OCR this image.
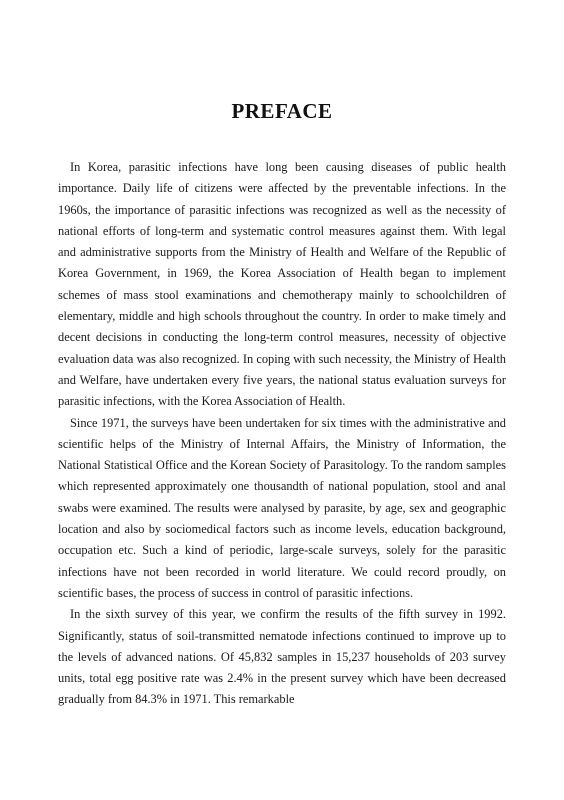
PREFACE

In Korea, parasitic infections have long been causing diseases of public health importance. Daily life of citizens were affected by the preventable infections. In the 1960s, the importance of parasitic infections was recognized as well as the necessity of national efforts of long-term and systematic control measures against them. With legal and administrative supports from the Ministry of Health and Welfare of the Republic of Korea Government, in 1969, the Korea Association of Health began to implement schemes of mass stool examinations and chemotherapy mainly to schoolchildren of elementary, middle and high schools throughout the country. In order to make timely and decent decisions in conducting the long-term control measures, necessity of objective evaluation data was also recognized. In coping with such necessity, the Ministry of Health and Welfare, have undertaken every five years, the national status evaluation surveys for parasitic infections, with the Korea Association of Health.

Since 1971, the surveys have been undertaken for six times with the administrative and scientific helps of the Ministry of Internal Affairs, the Ministry of Information, the National Statistical Office and the Korean Society of Parasitology. To the random samples which represented approximately one thousandth of national population, stool and anal swabs were examined. The results were analysed by parasite, by age, sex and geographic location and also by sociomedical factors such as income levels, education background, occupation etc. Such a kind of periodic, large-scale surveys, solely for the parasitic infections have not been recorded in world literature. We could record proudly, on scientific bases, the process of success in control of parasitic infections.

In the sixth survey of this year, we confirm the results of the fifth survey in 1992. Significantly, status of soil-transmitted nematode infections continued to improve up to the levels of advanced nations. Of 45,832 samples in 15,237 households of 203 survey units, total egg positive rate was 2.4% in the present survey which have been decreased gradually from 84.3% in 1971. This remarkable
